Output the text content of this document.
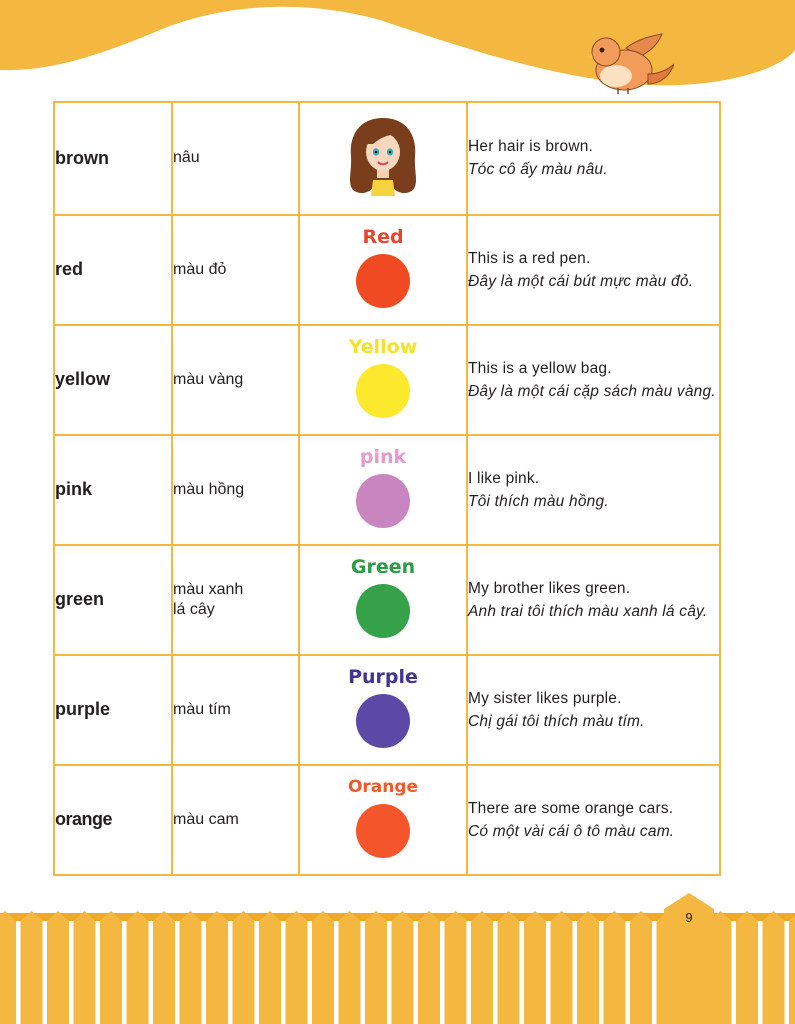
brown	nâu		Her hair is brown.
Tóc cô ấy màu nâu.

red	màu đỏ	Red	This is a red pen.
Đây là một cái bút mực màu đỏ.

yellow	màu vàng	Yellow	This is a yellow bag.
Đây là một cái cặp sách màu vàng.

pink	màu hồng	pink	I like pink.
Tôi thích màu hồng.

green	màu xanh lá cây	Green	My brother likes green.
Anh trai tôi thích màu xanh lá cây.

purple	màu tím	Purple	My sister likes purple.
Chị gái tôi thích màu tím.

orange	màu cam	Orange	There are some orange cars.
Có một vài cái ô tô màu cam.
9
